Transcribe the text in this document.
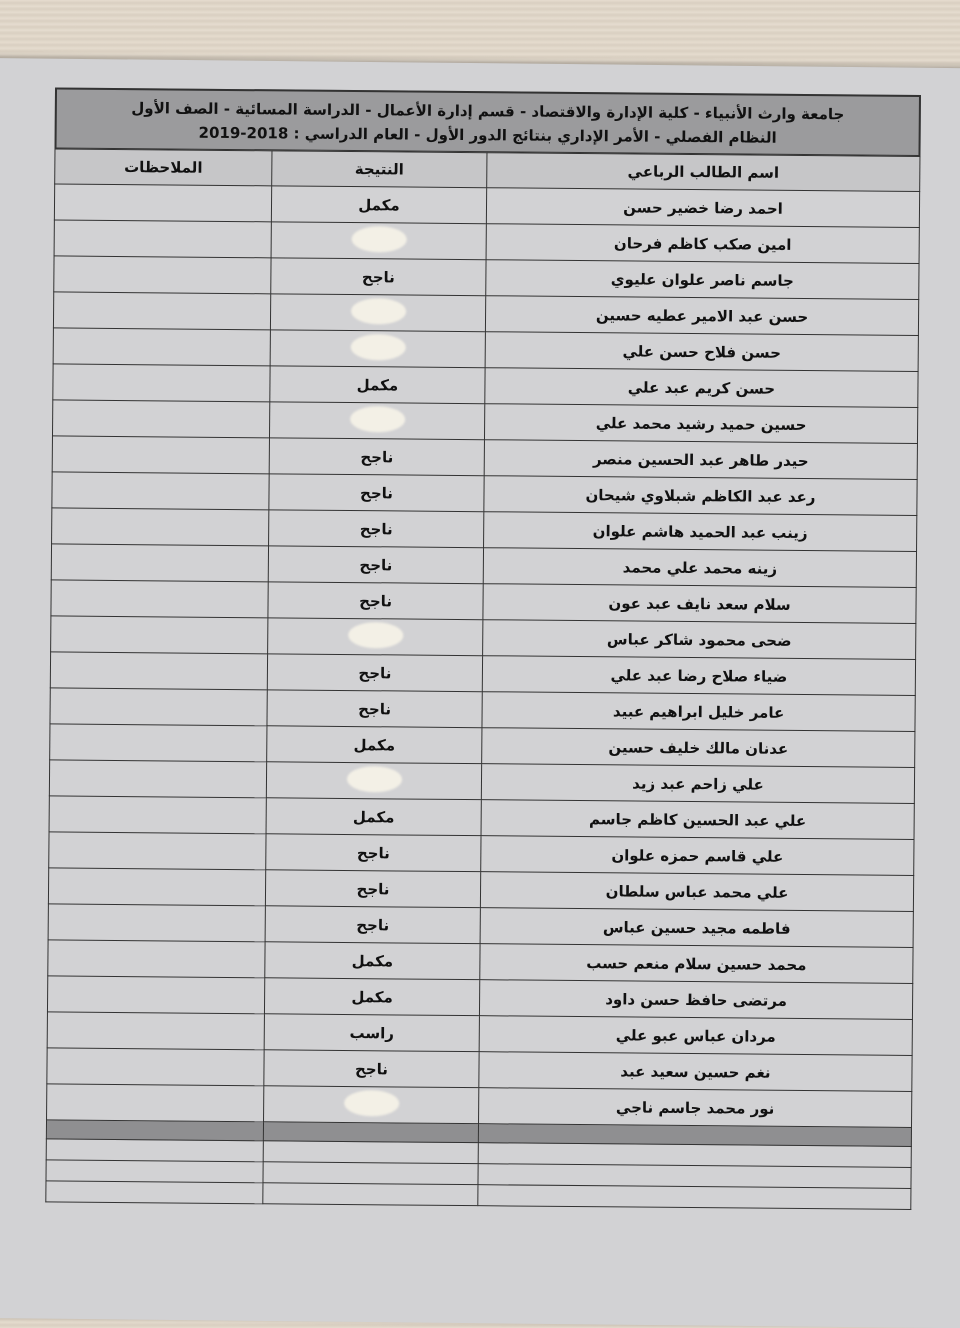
جامعة وارث الأنبياء - كلية الإدارة والاقتصاد - قسم إدارة الأعمال - الدراسة المسائية - الصف الأول
النظام الفصلي - الأمر الإداري بنتائج الدور الأول - العام الدراسي : 2018-2019
اسم الطالب الرباعي	النتيجة	الملاحظات
احمد رضا خضير حسن	مكمل	
امين صكب كاظم فرحان		
جاسم ناصر علوان عليوي	ناجح	
حسن عبد الامير عطيه حسين		
حسن فلاح حسن علي		
حسن كريم عبد علي	مكمل	
حسين حميد رشيد محمد علي		
حيدر طاهر عبد الحسين منصر	ناجح	
رعد عبد الكاظم شبلاوي شيحان	ناجح	
زينب عبد الحميد هاشم علوان	ناجح	
زينه محمد علي محمد	ناجح	
سلام سعد نايف عبد عون	ناجح	
ضحى محمود شاكر عباس		
ضياء صلاح رضا عبد علي	ناجح	
عامر خليل ابراهيم عبيد	ناجح	
عدنان مالك خليف حسين	مكمل	
علي زاحم عبد زيد		
علي عبد الحسين كاظم جاسم	مكمل	
علي قاسم حمزه علوان	ناجح	
علي محمد عباس سلطان	ناجح	
فاطمه مجيد حسين عباس	ناجح	
محمد حسين سلام منعم حسب	مكمل	
مرتضى حافظ حسن داود	مكمل	
مردان عباس عبو علي	راسب	
نغم حسين سعيد عبد	ناجح	
نور محمد جاسم ناجي		
